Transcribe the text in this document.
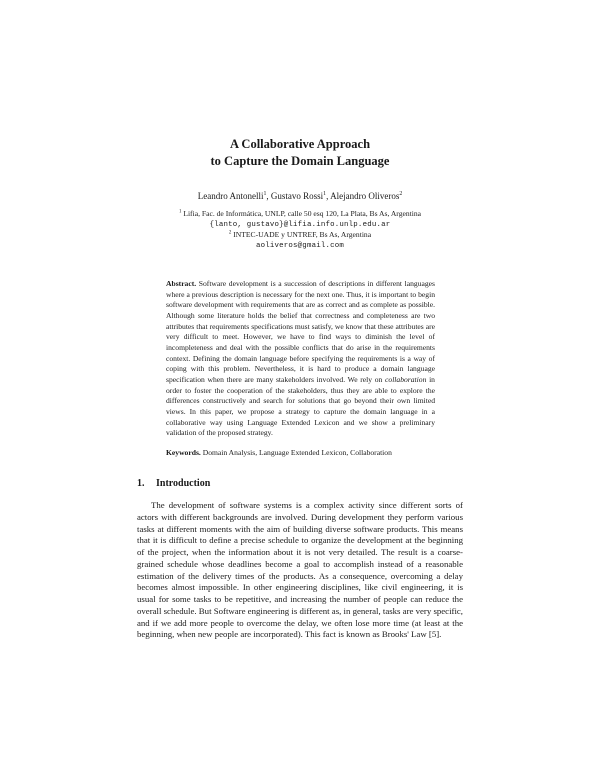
A Collaborative Approach
to Capture the Domain Language
Leandro Antonelli$^1$, Gustavo Rossi$^1$, Alejandro Oliveros$^2$
$^1$ Lifia, Fac. de Informática, UNLP, calle 50 esq 120, La Plata, Bs As, Argentina
{lanto, gustavo}@lifia.info.unlp.edu.ar
$^2$ INTEC-UADE y UNTREF, Bs As, Argentina
aoliveros@gmail.com
Abstract. Software development is a succession of descriptions in different languages where a previous description is necessary for the next one. Thus, it is important to begin software development with requirements that are as correct and as complete as possible. Although some literature holds the belief that correctness and completeness are two attributes that requirements specifications must satisfy, we know that these attributes are very difficult to meet. However, we have to find ways to diminish the level of incompleteness and deal with the possible conflicts that do arise in the requirements context. Defining the domain language before specifying the requirements is a way of coping with this problem. Nevertheless, it is hard to produce a domain language specification when there are many stakeholders involved. We rely on collaboration in order to foster the cooperation of the stakeholders, thus they are able to explore the differences constructively and search for solutions that go beyond their own limited views. In this paper, we propose a strategy to capture the domain language in a collaborative way using Language Extended Lexicon and we show a preliminary validation of the proposed strategy.
Keywords. Domain Analysis, Language Extended Lexicon, Collaboration
1. Introduction
The development of software systems is a complex activity since different sorts of actors with different backgrounds are involved. During development they perform various tasks at different moments with the aim of building diverse software products. This means that it is difficult to define a precise schedule to organize the development at the beginning of the project, when the information about it is not very detailed. The result is a coarse-grained schedule whose deadlines become a goal to accomplish instead of a reasonable estimation of the delivery times of the products. As a consequence, overcoming a delay becomes almost impossible. In other engineering disciplines, like civil engineering, it is usual for some tasks to be repetitive, and increasing the number of people can reduce the overall schedule. But Software engineering is different as, in general, tasks are very specific, and if we add more people to overcome the delay, we often lose more time (at least at the beginning, when new people are incorporated). This fact is known as Brooks' Law [5].
